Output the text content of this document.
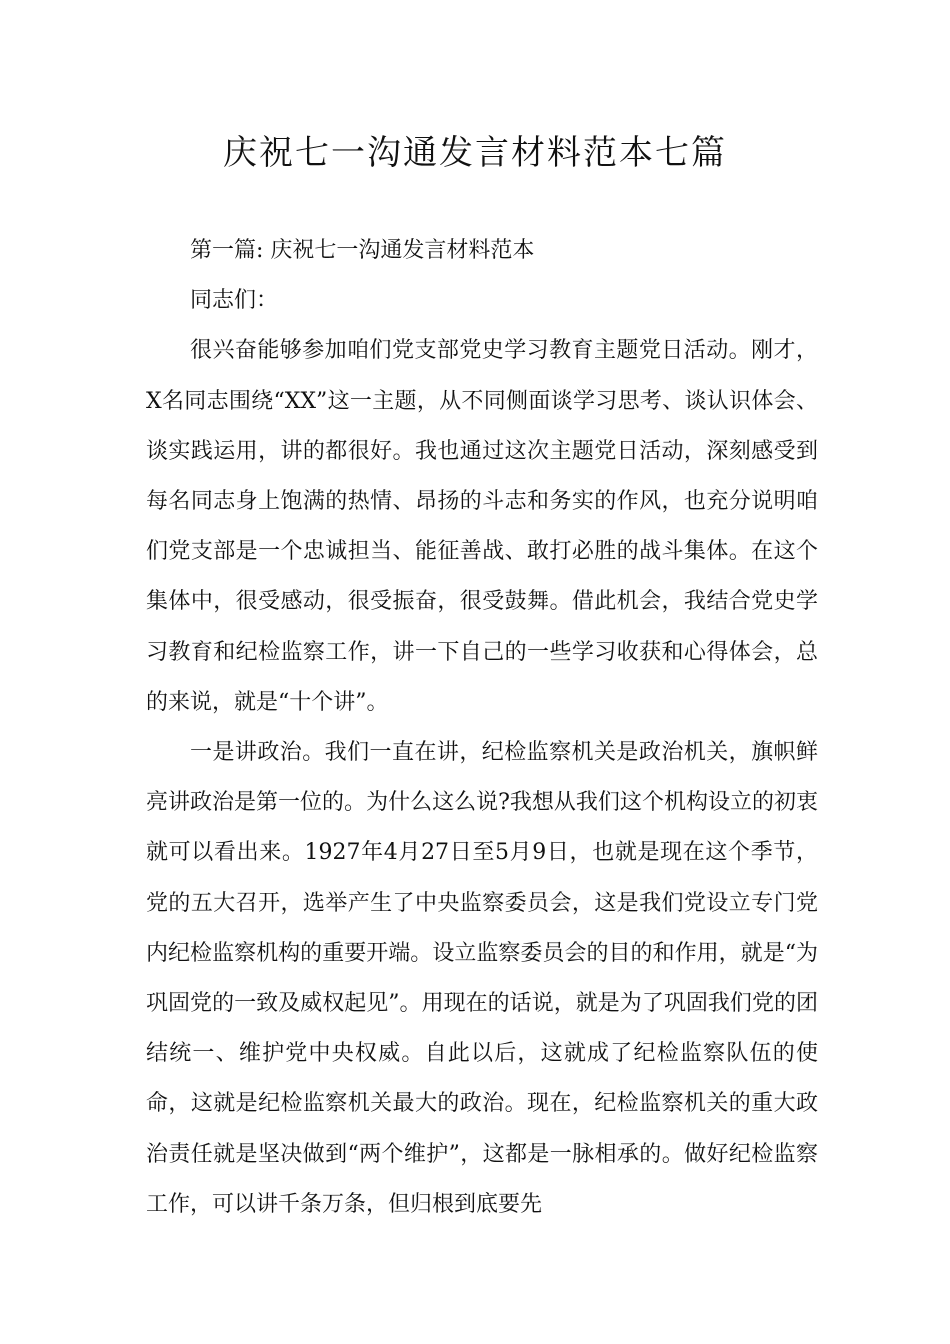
庆祝七一沟通发言材料范本七篇

第一篇: 庆祝七一沟通发言材料范本

同志们：

很兴奋能够参加咱们党支部党史学习教育主题党日活动。刚才，X名同志围绕“XX”这一主题，从不同侧面谈学习思考、谈认识体会、谈实践运用，讲的都很好。我也通过这次主题党日活动，深刻感受到每名同志身上饱满的热情、昂扬的斗志和务实的作风，也充分说明咱们党支部是一个忠诚担当、能征善战、敢打必胜的战斗集体。在这个集体中，很受感动，很受振奋，很受鼓舞。借此机会，我结合党史学习教育和纪检监察工作，讲一下自己的一些学习收获和心得体会，总的来说，就是“十个讲”。

一是讲政治。我们一直在讲，纪检监察机关是政治机关，旗帜鲜亮讲政治是第一位的。为什么这么说?我想从我们这个机构设立的初衷就可以看出来。1927年4月27日至5月9日，也就是现在这个季节，党的五大召开，选举产生了中央监察委员会，这是我们党设立专门党内纪检监察机构的重要开端。设立监察委员会的目的和作用，就是“为巩固党的一致及威权起见”。用现在的话说，就是为了巩固我们党的团结统一、维护党中央权威。自此以后，这就成了纪检监察队伍的使命，这就是纪检监察机关最大的政治。现在，纪检监察机关的重大政治责任就是坚决做到“两个维护”，这都是一脉相承的。做好纪检监察工作，可以讲千条万条，但归根到底要先
